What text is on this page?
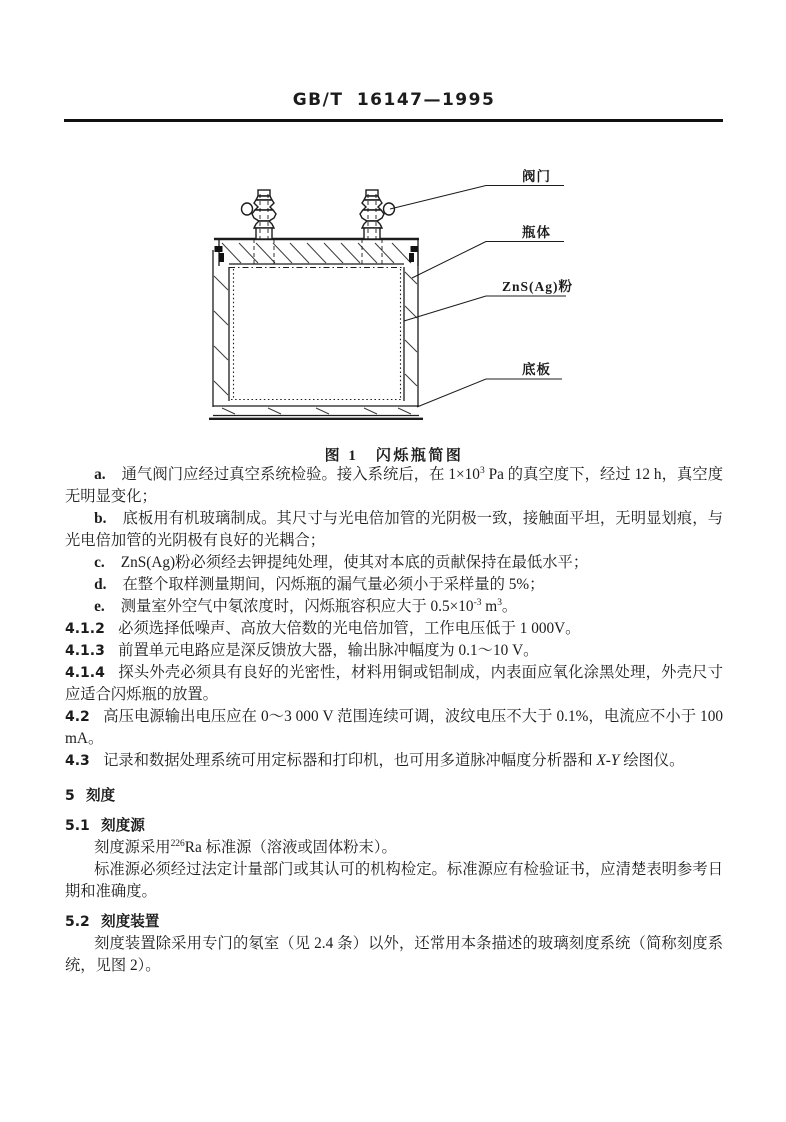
GB/T 16147—1995
阀门
瓶体
ZnS(Ag)粉
底板
图 1　闪烁瓶简图

a. 通气阀门应经过真空系统检验。接入系统后，在 $1\times 10^3$ Pa 的真空度下，经过 12 h，真空度无明显变化；

b. 底板用有机玻璃制成。其尺寸与光电倍加管的光阴极一致，接触面平坦，无明显划痕，与光电倍加管的光阴极有良好的光耦合；

c. ZnS(Ag)粉必须经去钾提纯处理，使其对本底的贡献保持在最低水平；

d. 在整个取样测量期间，闪烁瓶的漏气量必须小于采样量的 5%；

e. 测量室外空气中氡浓度时，闪烁瓶容积应大于 $0.5\times 10^{-3}$ $m^3$。

4.1.2 必须选择低噪声、高放大倍数的光电倍加管，工作电压低于 1 000V。

4.1.3 前置单元电路应是深反馈放大器，输出脉冲幅度为 0.1～10 V。

4.1.4 探头外壳必须具有良好的光密性，材料用铜或铝制成，内表面应氧化涂黑处理，外壳尺寸应适合闪烁瓶的放置。

4.2 高压电源输出电压应在 0～3 000 V 范围连续可调，波纹电压不大于 0.1%，电流应不小于 100 mA。

4.3 记录和数据处理系统可用定标器和打印机，也可用多道脉冲幅度分析器和 X-Y 绘图仪。

5 刻度

5.1 刻度源

刻度源采用$^{226}$Ra 标准源（溶液或固体粉末）。

标准源必须经过法定计量部门或其认可的机构检定。标准源应有检验证书，应清楚表明参考日期和准确度。

5.2 刻度装置

刻度装置除采用专门的氡室（见 2.4 条）以外，还常用本条描述的玻璃刻度系统（简称刻度系统，见图 2）。
